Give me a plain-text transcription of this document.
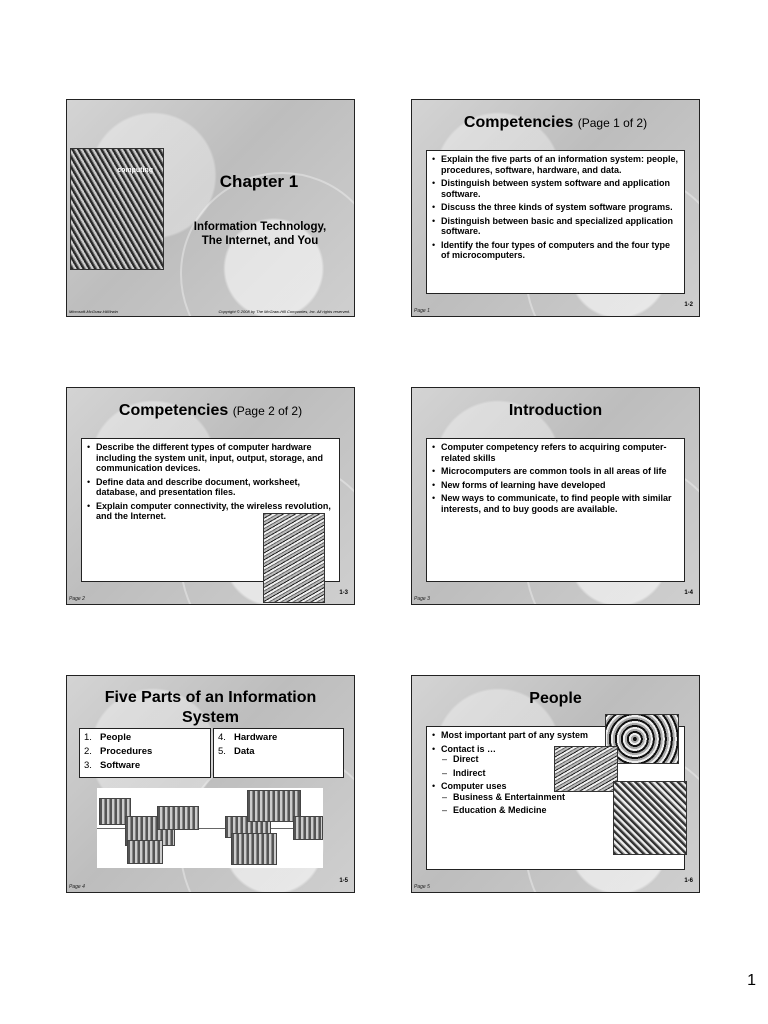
computing
Chapter 1
Information Technology,
The Internet, and You
Microsoft-McGraw-Hill/Irwin	Copyright © 2008 by The McGraw-Hill Companies, Inc. All rights reserved.
Competencies (Page 1 of 2)
• Explain the five parts of an information system: people, procedures, software, hardware, and data.
• Distinguish between system software and application software.
• Discuss the three kinds of system software programs.
• Distinguish between basic and specialized application software.
• Identify the four types of computers and the four type of microcomputers.
1-2
Page 1
Competencies (Page 2 of 2)
• Describe the different types of computer hardware including the system unit, input, output, storage, and communication devices.
• Define data and describe document, worksheet, database, and presentation files.
• Explain computer connectivity, the wireless revolution, and the Internet.
1-3
Page 2
Introduction
• Computer competency refers to acquiring computer-related skills
• Microcomputers are common tools in all areas of life
• New forms of learning have developed
• New ways to communicate, to find people with similar interests, and to buy goods are available.
1-4
Page 3
Five Parts of an Information System
1. People
2. Procedures
3. Software
4. Hardware
5. Data
1-5
Page 4
People
• Most important part of any system
• Contact is …
– Direct
– Indirect
• Computer uses
– Business & Entertainment
– Education & Medicine
1-6
Page 5
1
